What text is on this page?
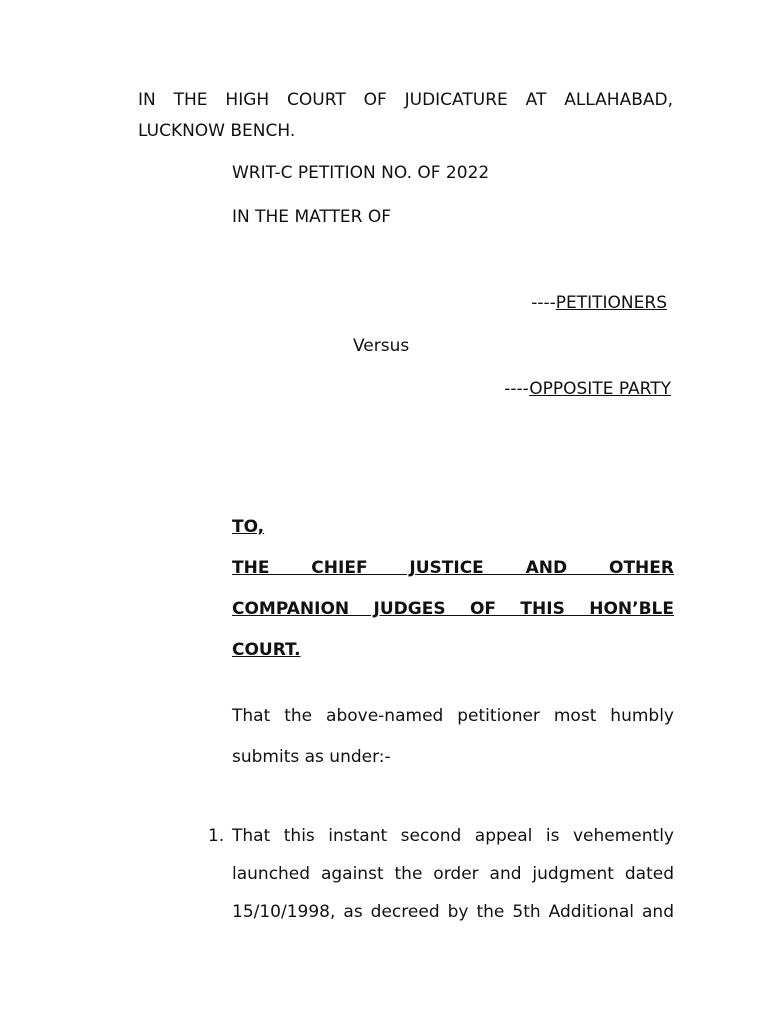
IN THE HIGH COURT OF JUDICATURE AT ALLAHABAD,
LUCKNOW BENCH.
WRIT-C PETITION NO. OF 2022
IN THE MATTER OF
----PETITIONERS
Versus
----OPPOSITE PARTY
TO,
THE CHIEF JUSTICE AND OTHER
COMPANION JUDGES OF THIS HON’BLE
COURT.
That the above-named petitioner most humbly
submits as under:-
1. That this instant second appeal is vehemently
launched against the order and judgment dated
15/10/1998, as decreed by the 5th Additional and
